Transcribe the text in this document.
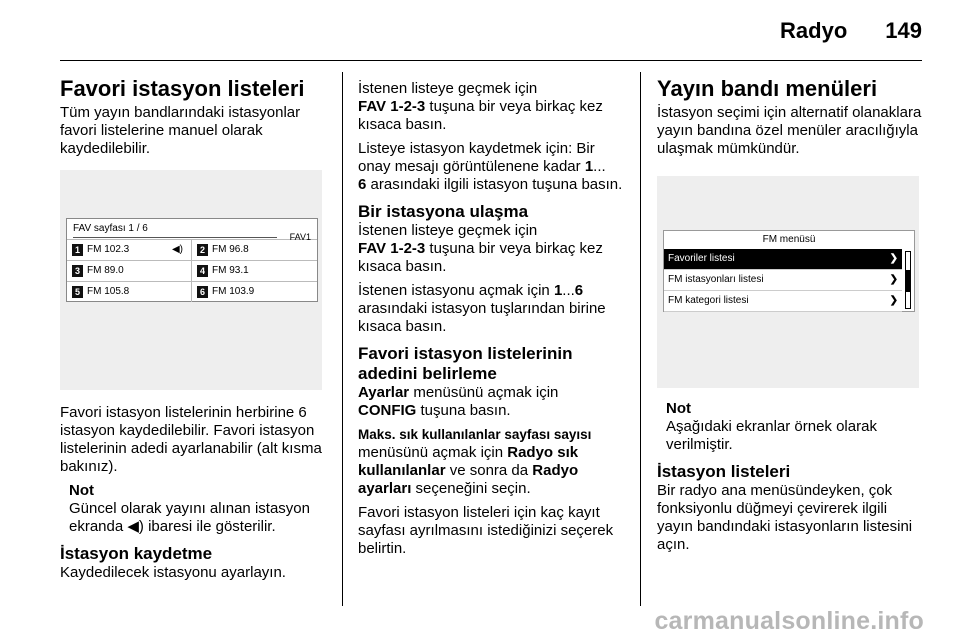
Radyo 149
Favori istasyon listeleri

Tüm yayın bandlarındaki istasyonlar favori listelerine manuel olarak kaydedilebilir.

FAV sayfası 1 / 6
FAV1
1 FM 102.3	◀)	2 FM 96.8
3 FM 89.0	4 FM 93.1
5 FM 105.8	6 FM 103.9

Favori istasyon listelerinin herbirine 6 istasyon kaydedilebilir. Favori istasyon listelerinin adedi ayarlanabilir (alt kısma bakınız).

Not

Güncel olarak yayını alınan istasyon ekranda ◀) ibaresi ile gösterilir.

İstasyon kaydetme

Kaydedilecek istasyonu ayarlayın.

İstenen listeye geçmek için
FAV 1-2-3 tuşuna bir veya birkaç kez kısaca basın.

Listeye istasyon kaydetmek için: Bir onay mesajı görüntülenene kadar 1...
6 arasındaki ilgili istasyon tuşuna basın.

Bir istasyona ulaşma

İstenen listeye geçmek için
FAV 1-2-3 tuşuna bir veya birkaç kez kısaca basın.

İstenen istasyonu açmak için 1...6 arasındaki istasyon tuşlarından birine kısaca basın.

Favori istasyon listelerinin adedini belirleme

Ayarlar menüsünü açmak için
CONFIG tuşuna basın.

Maks. sık kullanılanlar sayfası sayısı menüsünü açmak için Radyo sık kullanılanlar ve sonra da Radyo ayarları seçeneğini seçin.

Favori istasyon listeleri için kaç kayıt sayfası ayrılmasını istediğinizi seçerek belirtin.

Yayın bandı menüleri

İstasyon seçimi için alternatif olanaklara yayın bandına özel menüler aracılığıyla ulaşmak mümkündür.

FM menüsü
Favoriler listesi	❯
FM istasyonları listesi	❯
FM kategori listesi	❯
Not

Aşağıdaki ekranlar örnek olarak verilmiştir.

İstasyon listeleri

Bir radyo ana menüsündeyken, çok fonksiyonlu düğmeyi çevirerek ilgili yayın bandındaki istasyonların listesini açın.

carmanualsonline.info
